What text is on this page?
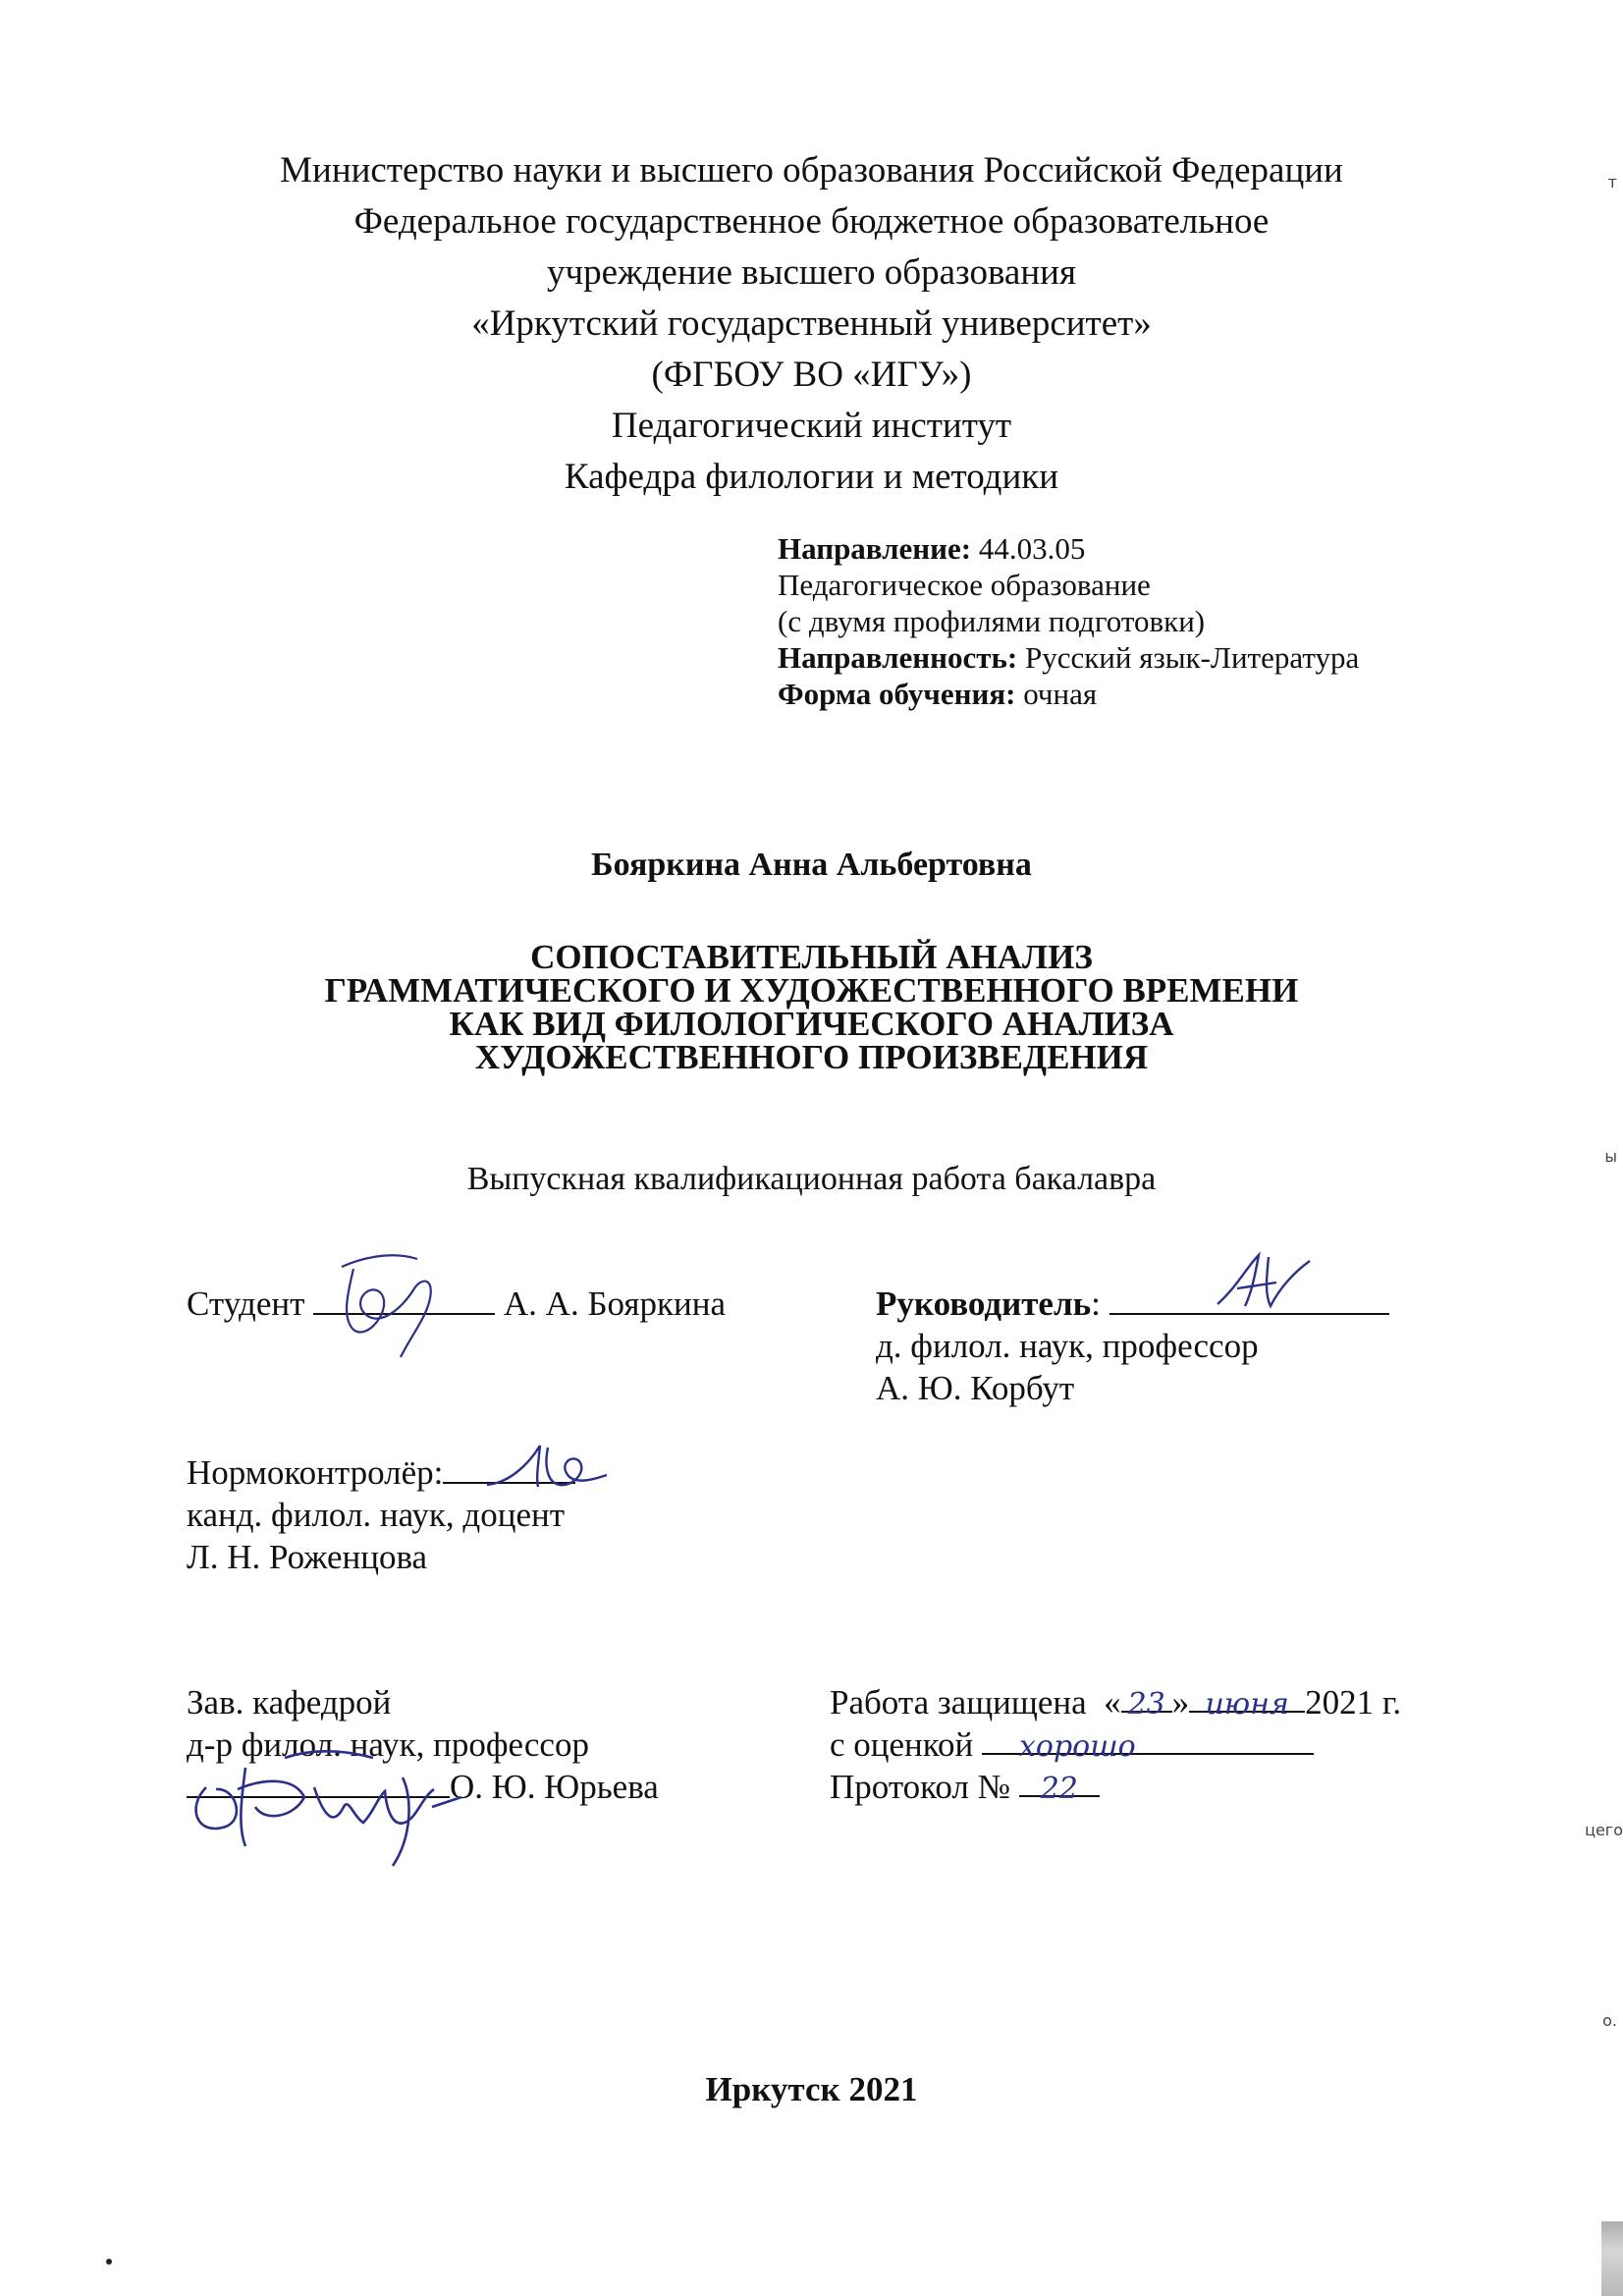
Министерство науки и высшего образования Российской Федерации
Федеральное государственное бюджетное образовательное
учреждение высшего образования
«Иркутский государственный университет»
(ФГБОУ ВО «ИГУ»)
Педагогический институт
Кафедра филологии и методики
Направление: 44.03.05
Педагогическое образование
(с двумя профилями подготовки)
Направленность: Русский язык-Литература
Форма обучения: очная
Бояркина Анна Альбертовна
СОПОСТАВИТЕЛЬНЫЙ АНАЛИЗ
ГРАММАТИЧЕСКОГО И ХУДОЖЕСТВЕННОГО ВРЕМЕНИ
КАК ВИД ФИЛОЛОГИЧЕСКОГО АНАЛИЗА
ХУДОЖЕСТВЕННОГО ПРОИЗВЕДЕНИЯ
Выпускная квалификационная работа бакалавра
Студент	А. А. Бояркина	Руководитель:
д. филол. наук, профессор
А. Ю. Корбут
Нормоконтролёр:
канд. филол. наук, доцент
Л. Н. Роженцова
Зав. кафедрой
д-р филол. наук, профессор
О. Ю. Юрьева
Работа защищена « 23 » июня 2021 г.
с оценкой хорошо
Протокол № 22
Иркутск 2021
т
ы
цего
о.
